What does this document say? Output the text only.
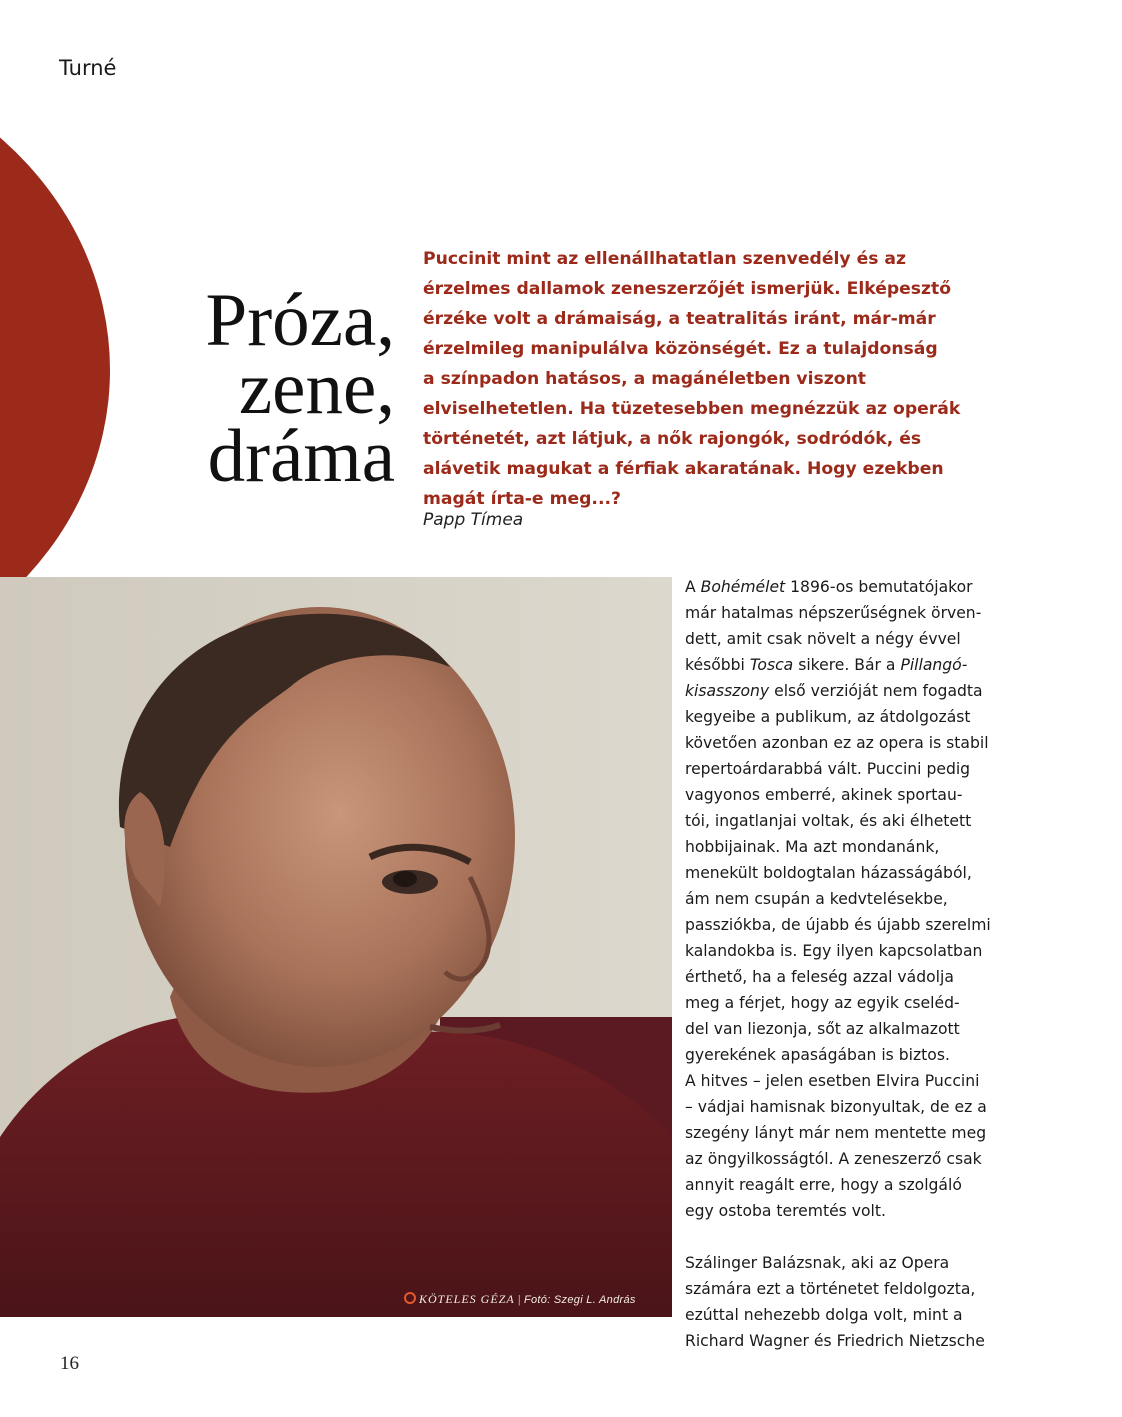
Turné
Próza,
zene,
dráma

Puccinit mint az ellenállhatatlan szenvedély és az

érzelmes dallamok zeneszerzőjét ismerjük. Elképesztő

érzéke volt a drámaiság, a teatralitás iránt, már-már

érzelmileg manipulálva közönségét. Ez a tulajdonság

a színpadon hatásos, a magánéletben viszont

elviselhetetlen. Ha tüzetesebben megnézzük az operák

történetét, azt látjuk, a nők rajongók, sodródók, és

alávetik magukat a férfiak akaratának. Hogy ezekben

magát írta-e meg...?

Papp Tímea
KÖTELES GÉZA | Fotó: Szegi L. András
A Bohémélet 1896-os bemutatójakor
már hatalmas népszerűségnek örven-
dett, amit csak növelt a négy évvel
későbbi Tosca sikere. Bár a Pillangó-
kisasszony első verzióját nem fogadta
kegyeibe a publikum, az átdolgozást
követően azonban ez az opera is stabil
repertoárdarabbá vált. Puccini pedig
vagyonos emberré, akinek sportau-
tói, ingatlanjai voltak, és aki élhetett
hobbijainak. Ma azt mondanánk,
menekült boldogtalan házasságából,
ám nem csupán a kedvtelésekbe,
passziókba, de újabb és újabb szerelmi
kalandokba is. Egy ilyen kapcsolatban
érthető, ha a feleség azzal vádolja
meg a férjet, hogy az egyik cseléd-
del van liezonja, sőt az alkalmazott
gyerekének apaságában is biztos.
A hitves – jelen esetben Elvira Puccini
– vádjai hamisnak bizonyultak, de ez a
szegény lányt már nem mentette meg
az öngyilkosságtól. A zeneszerző csak
annyit reagált erre, hogy a szolgáló
egy ostoba teremtés volt.
Szálinger Balázsnak, aki az Opera
számára ezt a történetet feldolgozta,
ezúttal nehezebb dolga volt, mint a
Richard Wagner és Friedrich Nietzsche
16
